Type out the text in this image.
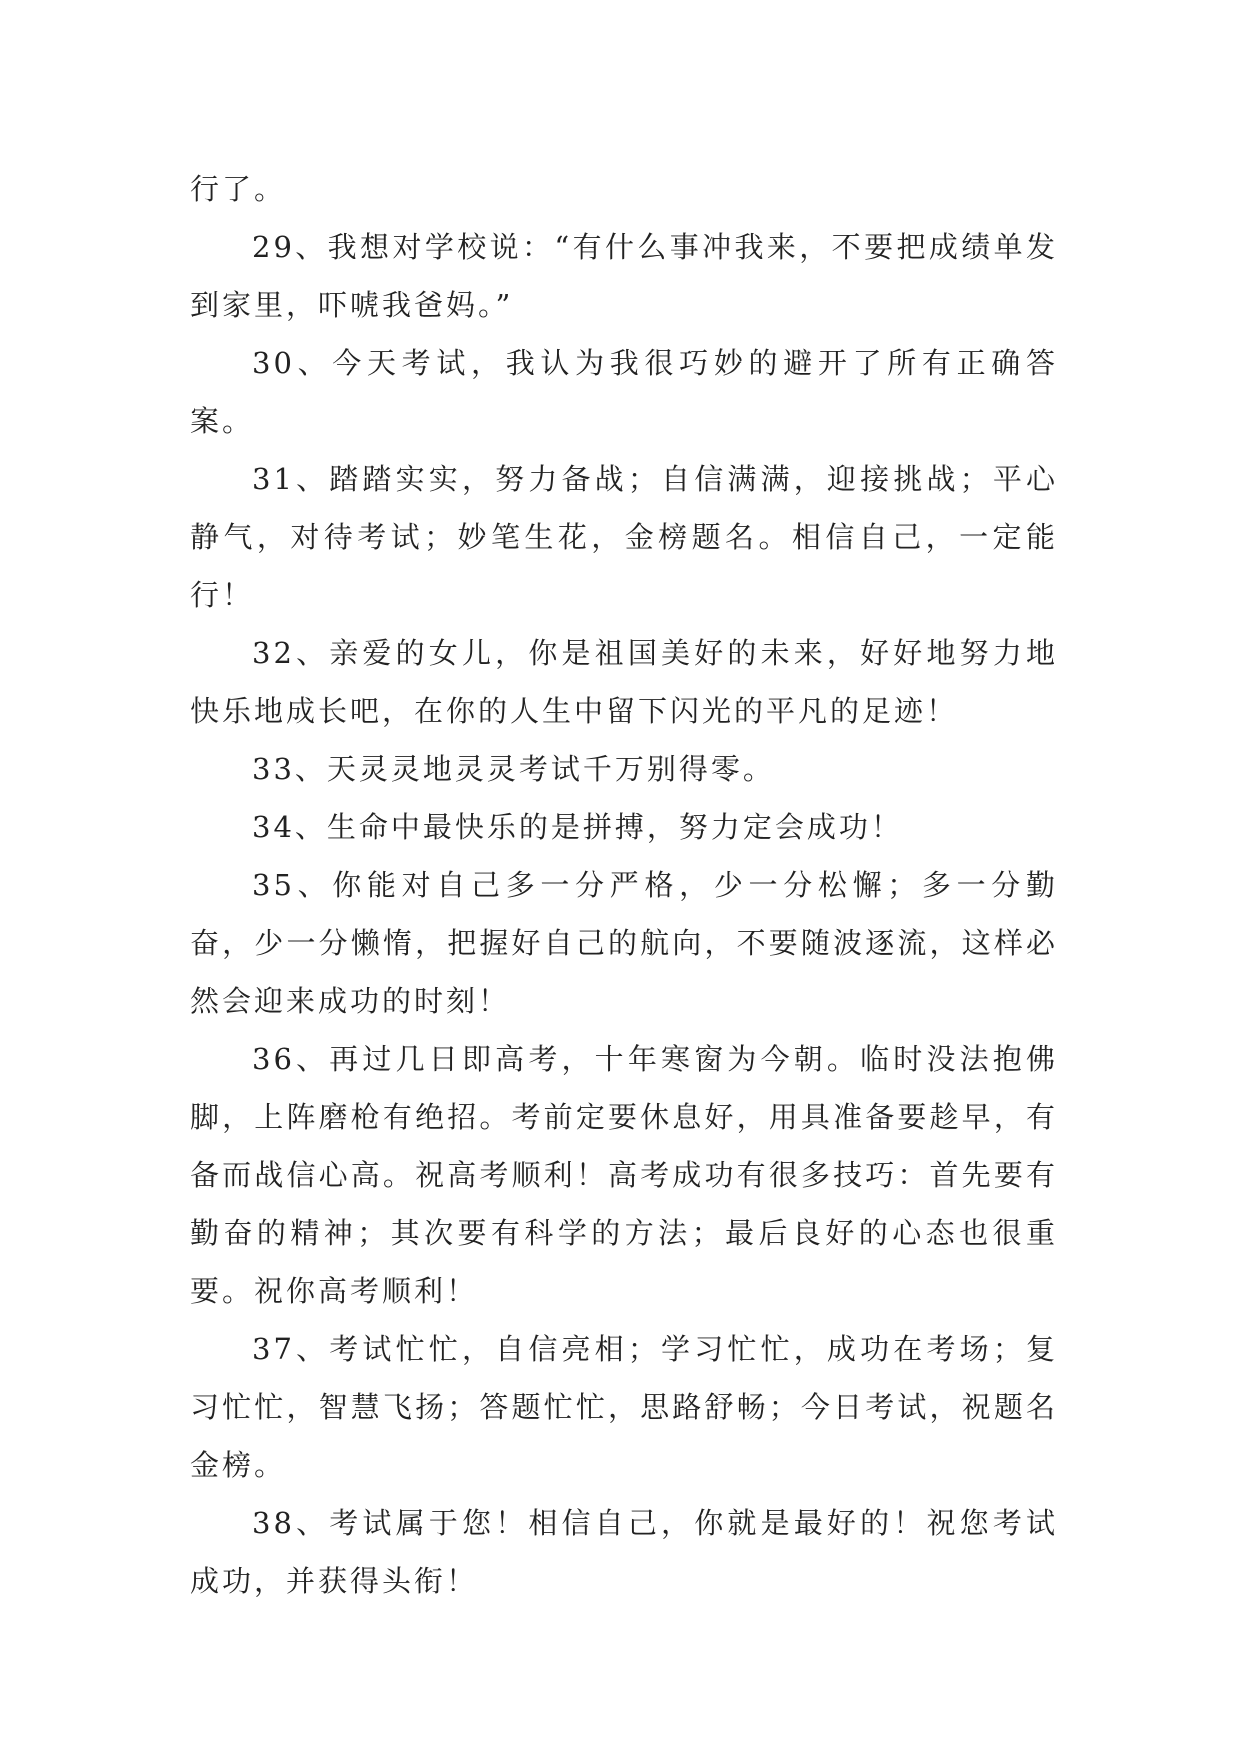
行了。

29、我想对学校说：“有什么事冲我来，不要把成绩单发到家里，吓唬我爸妈。”

30、今天考试，我认为我很巧妙的避开了所有正确答案。

31、踏踏实实，努力备战；自信满满，迎接挑战；平心静气，对待考试；妙笔生花，金榜题名。相信自己，一定能行！

32、亲爱的女儿，你是祖国美好的未来，好好地努力地快乐地成长吧，在你的人生中留下闪光的平凡的足迹！

33、天灵灵地灵灵考试千万别得零。

34、生命中最快乐的是拼搏，努力定会成功！

35、你能对自己多一分严格，少一分松懈；多一分勤奋，少一分懒惰，把握好自己的航向，不要随波逐流，这样必然会迎来成功的时刻！

36、再过几日即高考，十年寒窗为今朝。临时没法抱佛脚，上阵磨枪有绝招。考前定要休息好，用具准备要趁早，有备而战信心高。祝高考顺利！高考成功有很多技巧：首先要有勤奋的精神；其次要有科学的方法；最后良好的心态也很重要。祝你高考顺利！

37、考试忙忙，自信亮相；学习忙忙，成功在考场；复习忙忙，智慧飞扬；答题忙忙，思路舒畅；今日考试，祝题名金榜。

38、考试属于您！相信自己，你就是最好的！祝您考试成功，并获得头衔！
